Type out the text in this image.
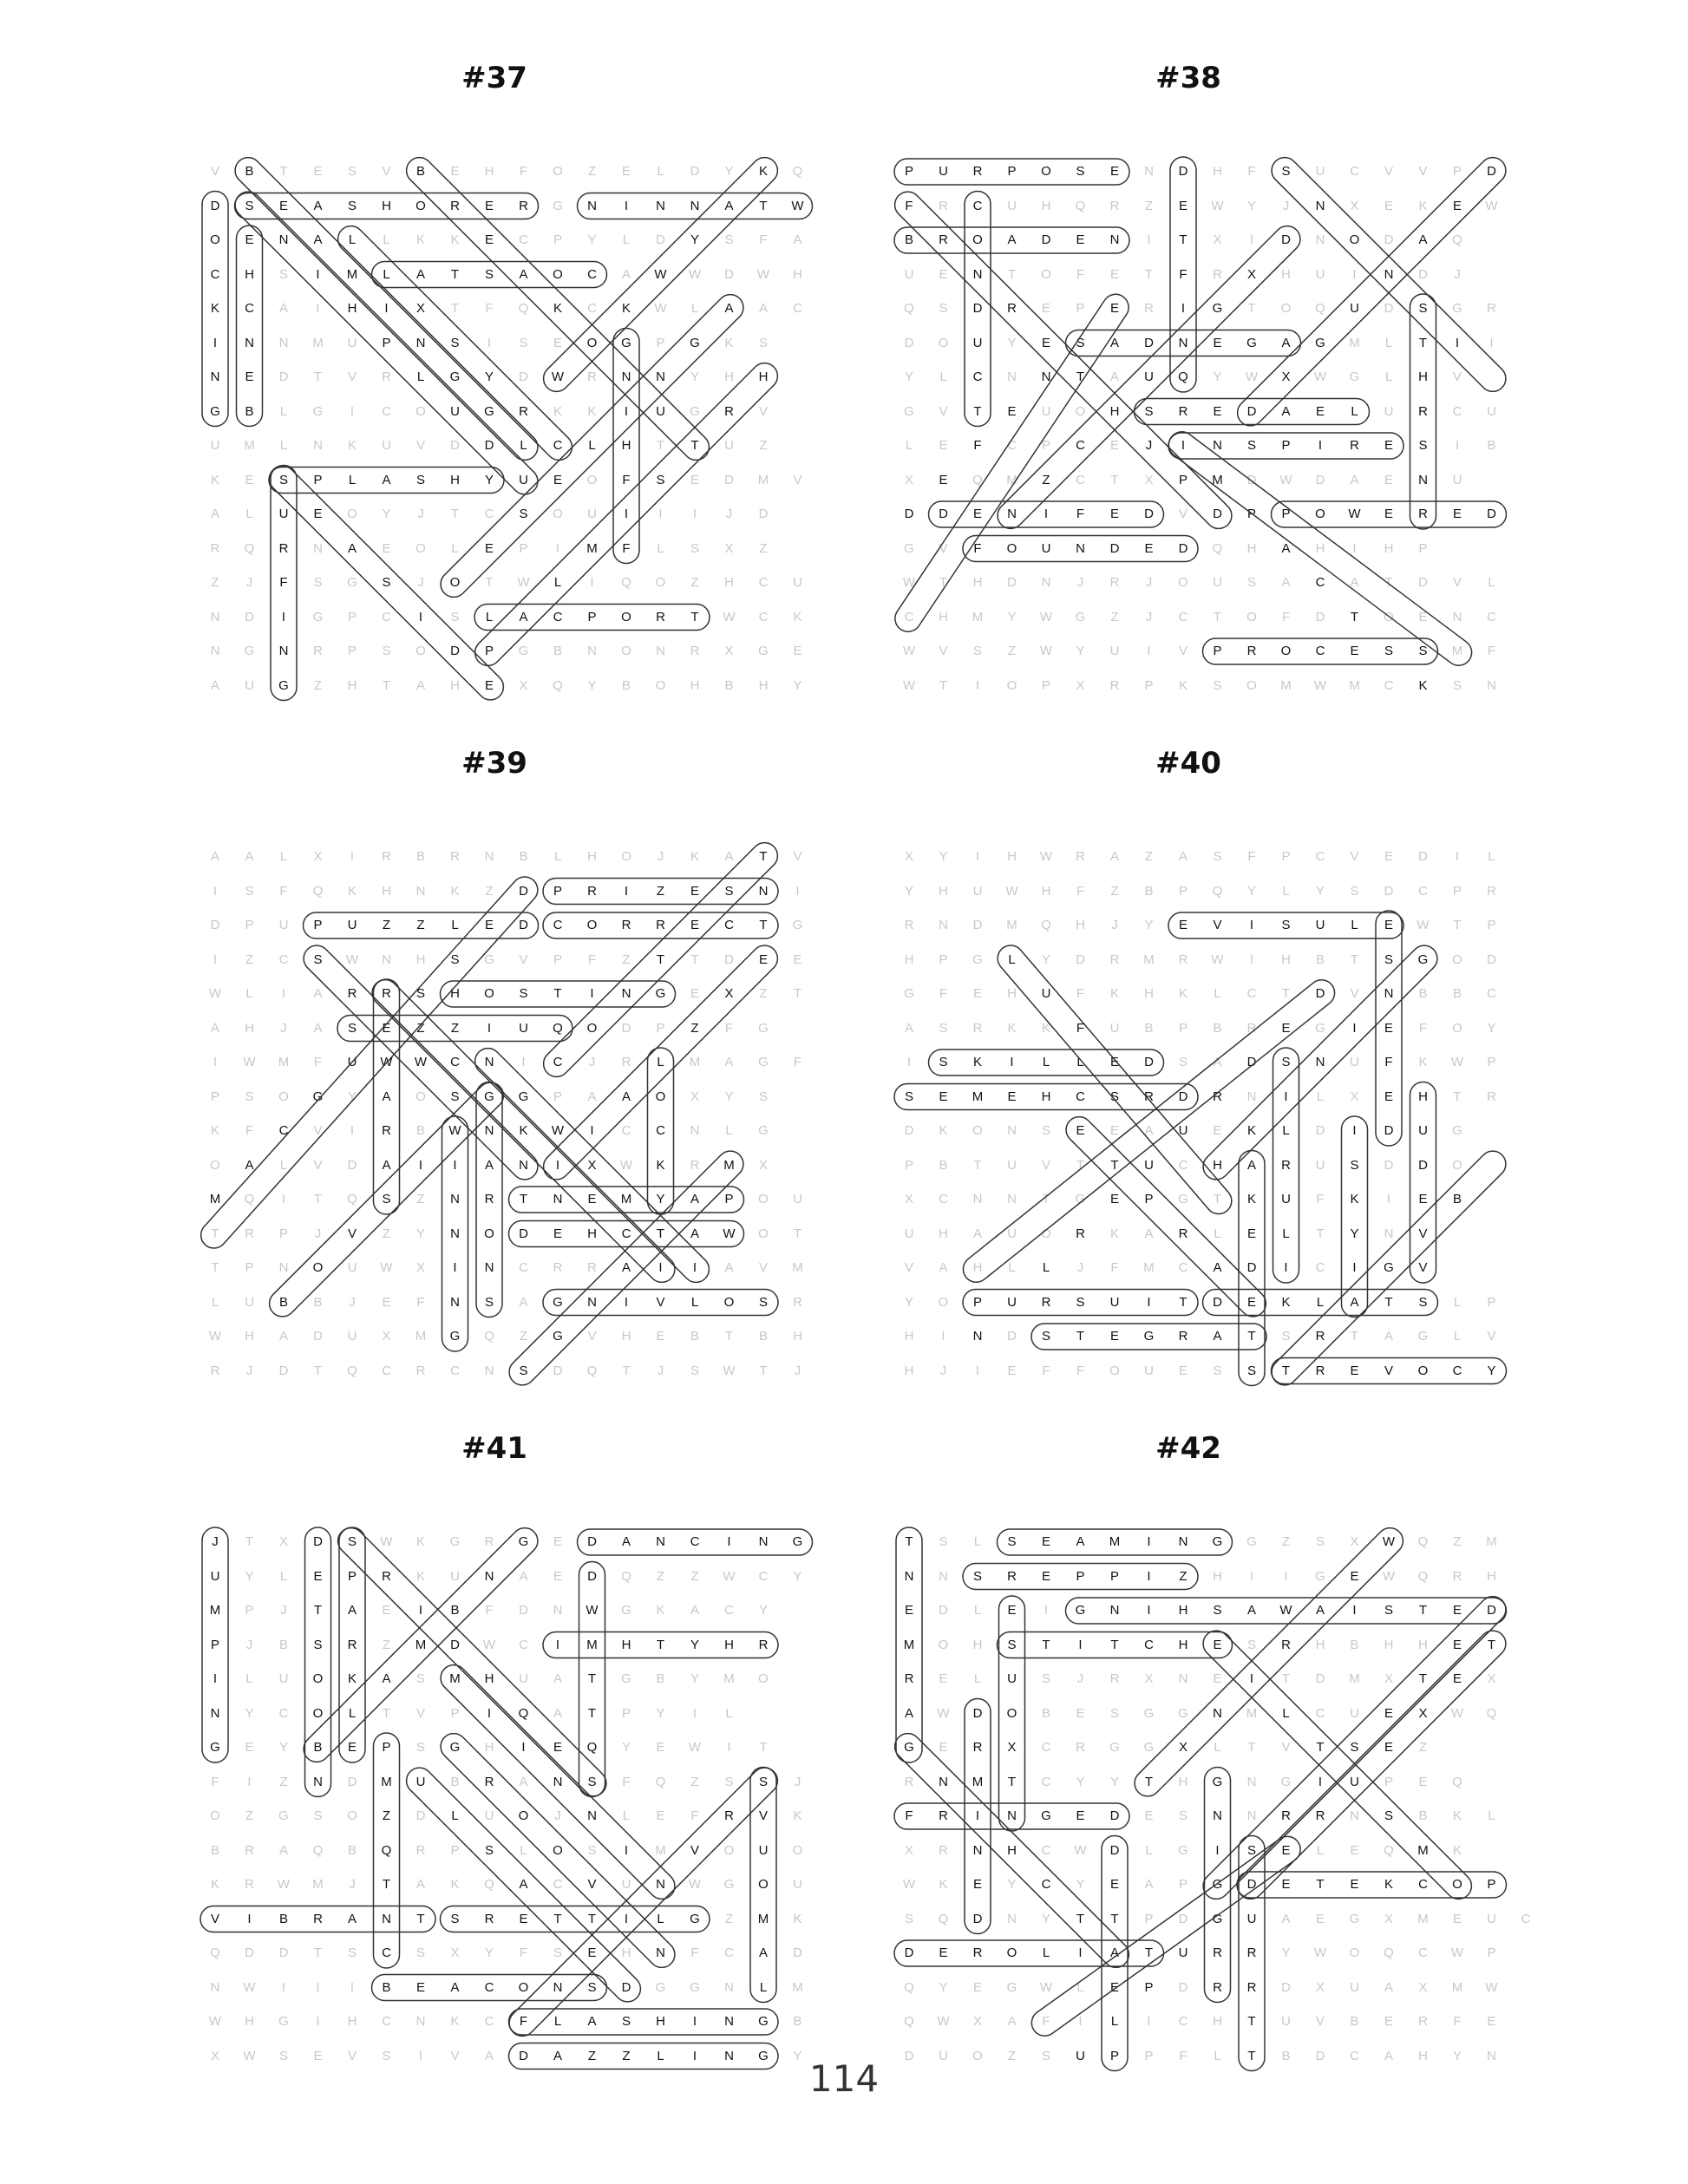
#37
V	B	T	E	S	V	B	E	H	F	O	Z	E	L	D	Y	K	Q
D	S	E	A	S	H	O	R	E	R	G	N	I	N	N	A	T	W
O	E	N	A	L	L	K	K	E	C	P	Y	L	D	Y	S	F	A
C	H	S	I	M	L	A	T	S	A	O	C	A	W W	D	W	H
K	C	A	I	H	I	X	T	F	Q	K	C	K	W	L	A	A	C
I	N	N	M	U	P	N	S	I	S	E	O G	P	G	K	S
N	E	D	T	V	R	L	G	Y	D	W	R	N	N	Y	H	H
G	B	L	G	I	C	O	U	G	R	K	K	I	U	G	R	V
U	M	L	N	K	U	V	D	D	L	C	L	H	T	T	U	Z
K	E	S	P	L	A	S	H	Y	U	E	O	F	S	E	D	M	V
A	L	U	E	O	Y	J	T	C	S	O	U	I	I	I	J	D
R	Q	R	N	A	E	O	L	E	P	I	M	F	L	S	X	Z
Z	J	F	S	G	S	J	O	T	W	L	I	Q O	Z	H	C	U
N	D	I	G	P	C	I	S	L	A	C	P	O	R	T	W	C	K
N	G	N	R	P	S	O	D	P	G	B	N	O	N	R	X	G	E
A	U	G	Z	H	T	A	H	E	X	Q	Y	B	O	H	B	H	Y
#38
P	U	R	P	O	S	E	N	D	H	F	S	U	C	V	V	P	D
F	R	C	U	H	Q	R	Z	E	W	Y	J	N	X	E	K	E	W
B	R	O	A	D	E	N	I	T	X	I	D	N	O	D	A	Q
U	E	N	T	O	F	E	T	F	R	X	H	U	I	N	D	J
Q	S	D	R	E	P	E	R	I	G	T	O Q	U	D	S	G	R
D	O	U	Y	E	S	A	D	N	E	G	A	G M	L	T	I	I
Y	L	C	N	N	T	A	U	Q	Y	W	X	W G	L	H	V
G	V	T	E	U	O	H	S	R	E	D	A	E	L	U	R	C	U
L	E	F	C	P	C	E	J	I	N	S	P	I	R	E	S	I	B
X	E	Q M	Z	C	T	X	P	M	D	W	D	A	E	N	U
D	D	E	N	I	F	E	D	V	D	P	P	O W	E	R	E	D
G	V	F	O	U	N	D	E	D	Q	H	A	H	I	H	P
W	T	H	D	N	J	R	J	O	U	S	A	C	A	T	D	V	L
C	H	M	Y	W G	Z	J	C	T	O	F	D	T	O	E	N	C
W	V	S	Z	W	Y	U	I	V	P	R	O	C	E	S	S	M	F
W	T	I	O	P	X	R	P	K	S	O M W M	C	K	S	N
#39
A	A	L	X	I	R	B	R	N	B	L	H	O	J	K	A	T	V
I	S	F	Q	K	H	N	K	Z	D	P	R	I	Z	E	S	N	I
D	P	U	P	U	Z	Z	L	E	D	C	O	R	R	E	C	T	G
I	Z	C	S	W	N	H	S	G	V	P	F	Z	T	T	D	E	E
W	L	I	A	R	R	S	H	O	S	T	I	N	G	E	X	Z	T
A	H	J	A	S	E	Z	Z	I	U	Q O	D	P	Z	F	G
I	W M	F	U	W W	C	N	I	C	J	R	L	M	A	G	F
P	S	O G	Y	A	O	S	G G	P	A	A	O	X	Y	S
K	F	C	V	I	R	B	W	N	K	W	I	C	C	N	L	G
O	A	L	V	D	A	I	I	A	N	I	X	W	K	R	M	X
M Q	I	T	Q	S	Z	N	R	T	N	E	M	Y	A	P	O	U
T	R	P	J	V	Z	Y	N	O	D	E	H	C	T	A	W O	T
T	P	N	O	U	W	X	I	N	C	R	R	A	I	I	A	V	M
L	U	B	B	J	E	F	N	S	A	G	N	I	V	L	O	S	R
W	H	A	D	U	X	M G Q	Z	G	V	H	E	B	T	B	H
R	J	D	T	Q	C	R	C	N	S	D	Q	T	J	S	W	T	J
#40
X	Y	I	H	W	R	A	Z	A	S	F	P	C	V	E	D	I	L
Y	H	U	W	H	F	Z	B	P	Q	Y	L	Y	S	D	C	P	R
R	N	D	M Q	H	J	Y	E	V	I	S	U	L	E	W	T	P
H	P	G	L	Y	D	R	M	R	W	I	H	B	T	S	G O	D
G	F	E	H	U	F	K	H	K	L	C	T	D	V	N	B	B	C
A	S	R	K	K	F	U	B	P	B	R	E	G	I	E	F	O	Y
I	S	K	I	L	L	E	D	S	A	D	S	N	U	F	K	W	P
S	E	M	E	H	C	S	R	D	R	N	I	L	X	E	H	T	R
D	K	O	N	S	E	E	A	U	E	K	L	D	I	D	U	G
P	B	T	U	V	T	T	U	C	H	A	R	U	S	D	D	O
X	C	N	N	T	G	E	P	G	T	K	U	F	K	I	E	B
U	H	A	U	O	R	K	A	R	L	E	L	T	Y	N	V
V	A	H	L	L	J	F	M	C	A	D	I	C	I	G	V
Y	O	P	U	R	S	U	I	T	D	E	K	L	A	T	S	L	P
H	I	N	D	S	T	E	G	R	A	T	S	R	T	A	G	L	V
H	J	I	E	F	F	O	U	E	S	S	T	R	E	V	O	C	Y
#41
J	T	X	D	S	W	K	G	R	G	E	D	A	N	C	I	N	G
U	Y	L	E	P	R	K	U	N	A	E	D	Q	Z	Z	W	C	Y
M	P	J	T	A	E	I	B	F	D	N	W G	K	A	C	Y
P	J	B	S	R	Z	M	D	W	C	I	M	H	T	Y	H	R
I	L	U	O	K	A	S	M	H	U	A	T	G	B	Y	M O
N	Y	C	O	L	T	V	P	I	Q	A	T	P	Y	I	L
G	E	Y	B	E	P	S	G	H	I	E	Q	Y	E	W	I	T
F	I	Z	N	D	M	U	B	R	A	N	S	F	Q	Z	S	S	J
O	Z	G	S	O	Z	D	L	U	O	J	N	L	E	F	R	V	K
B	R	A	Q	B	Q	R	P	S	L	O	S	I	M	V	O	U	O
K	R	W M	J	T	A	K	Q	A	C	V	U	N	W G O	U
V	I	B	R	A	N	T	S	R	E	T	T	I	L	G	Z	M	K
Q	D	D	T	S	C	S	X	Y	F	S	E	H	N	F	C	A	D
N	W	I	I	I	B	E	A	C	O	N	S	D	G G	N	L	M
W	H	G	I	H	C	N	K	C	F	L	A	S	H	I	N	G	B
X	W	S	E	V	S	I	V	A	D	A	Z	Z	L	I	N	G	Y
#42
T	S	L	S	E	A	M	I	N	G G	Z	S	X	W Q	Z	M
N	N	S	R	E	P	P	I	Z	H	I	I	G	E	W Q	R	H
E	D	L	E	I	G	N	I	H	S	A	W	A	I	S	T	E	D
M O	H	S	T	I	T	C	H	E	S	R	H	B	H	H	E	T
R	E	L	U	S	J	R	X	N	E	I	T	D	M	X	T	E	X
A	W	D	O	B	E	S	G G	N	M	L	C	U	E	X	W Q
G	E	R	X	C	R	G G	X	L	T	V	T	S	E	Z
R	N	M	T	C	Y	Y	T	H	G	N	G	I	U	P	E	Q
F	R	I	N	G	E	D	E	S	N	N	R	R	N	S	B	K	L
X	R	N	H	C	W	D	L	G	I	S	E	L	E	Q M	K
W	K	E	Y	C	Y	E	A	P	G	D	E	T	E	K	C	O	P
S	Q	D	N	Y	T	T	P	D	G	U	A	E	G	X	M	E	U	C
D	E	R	O	L	I	A	T	U	R	R	Y	W O Q	C	W	P
Q	Y	E	G W	L	E	P	D	R	R	D	X	U	A	X	M W
Q W	X	A	F	I	L	I	C	H	T	U	V	B	E	R	F	E
D	U	O	Z	S	U	P	P	F	L	T	B	D	C	A	H	Y	N
114
